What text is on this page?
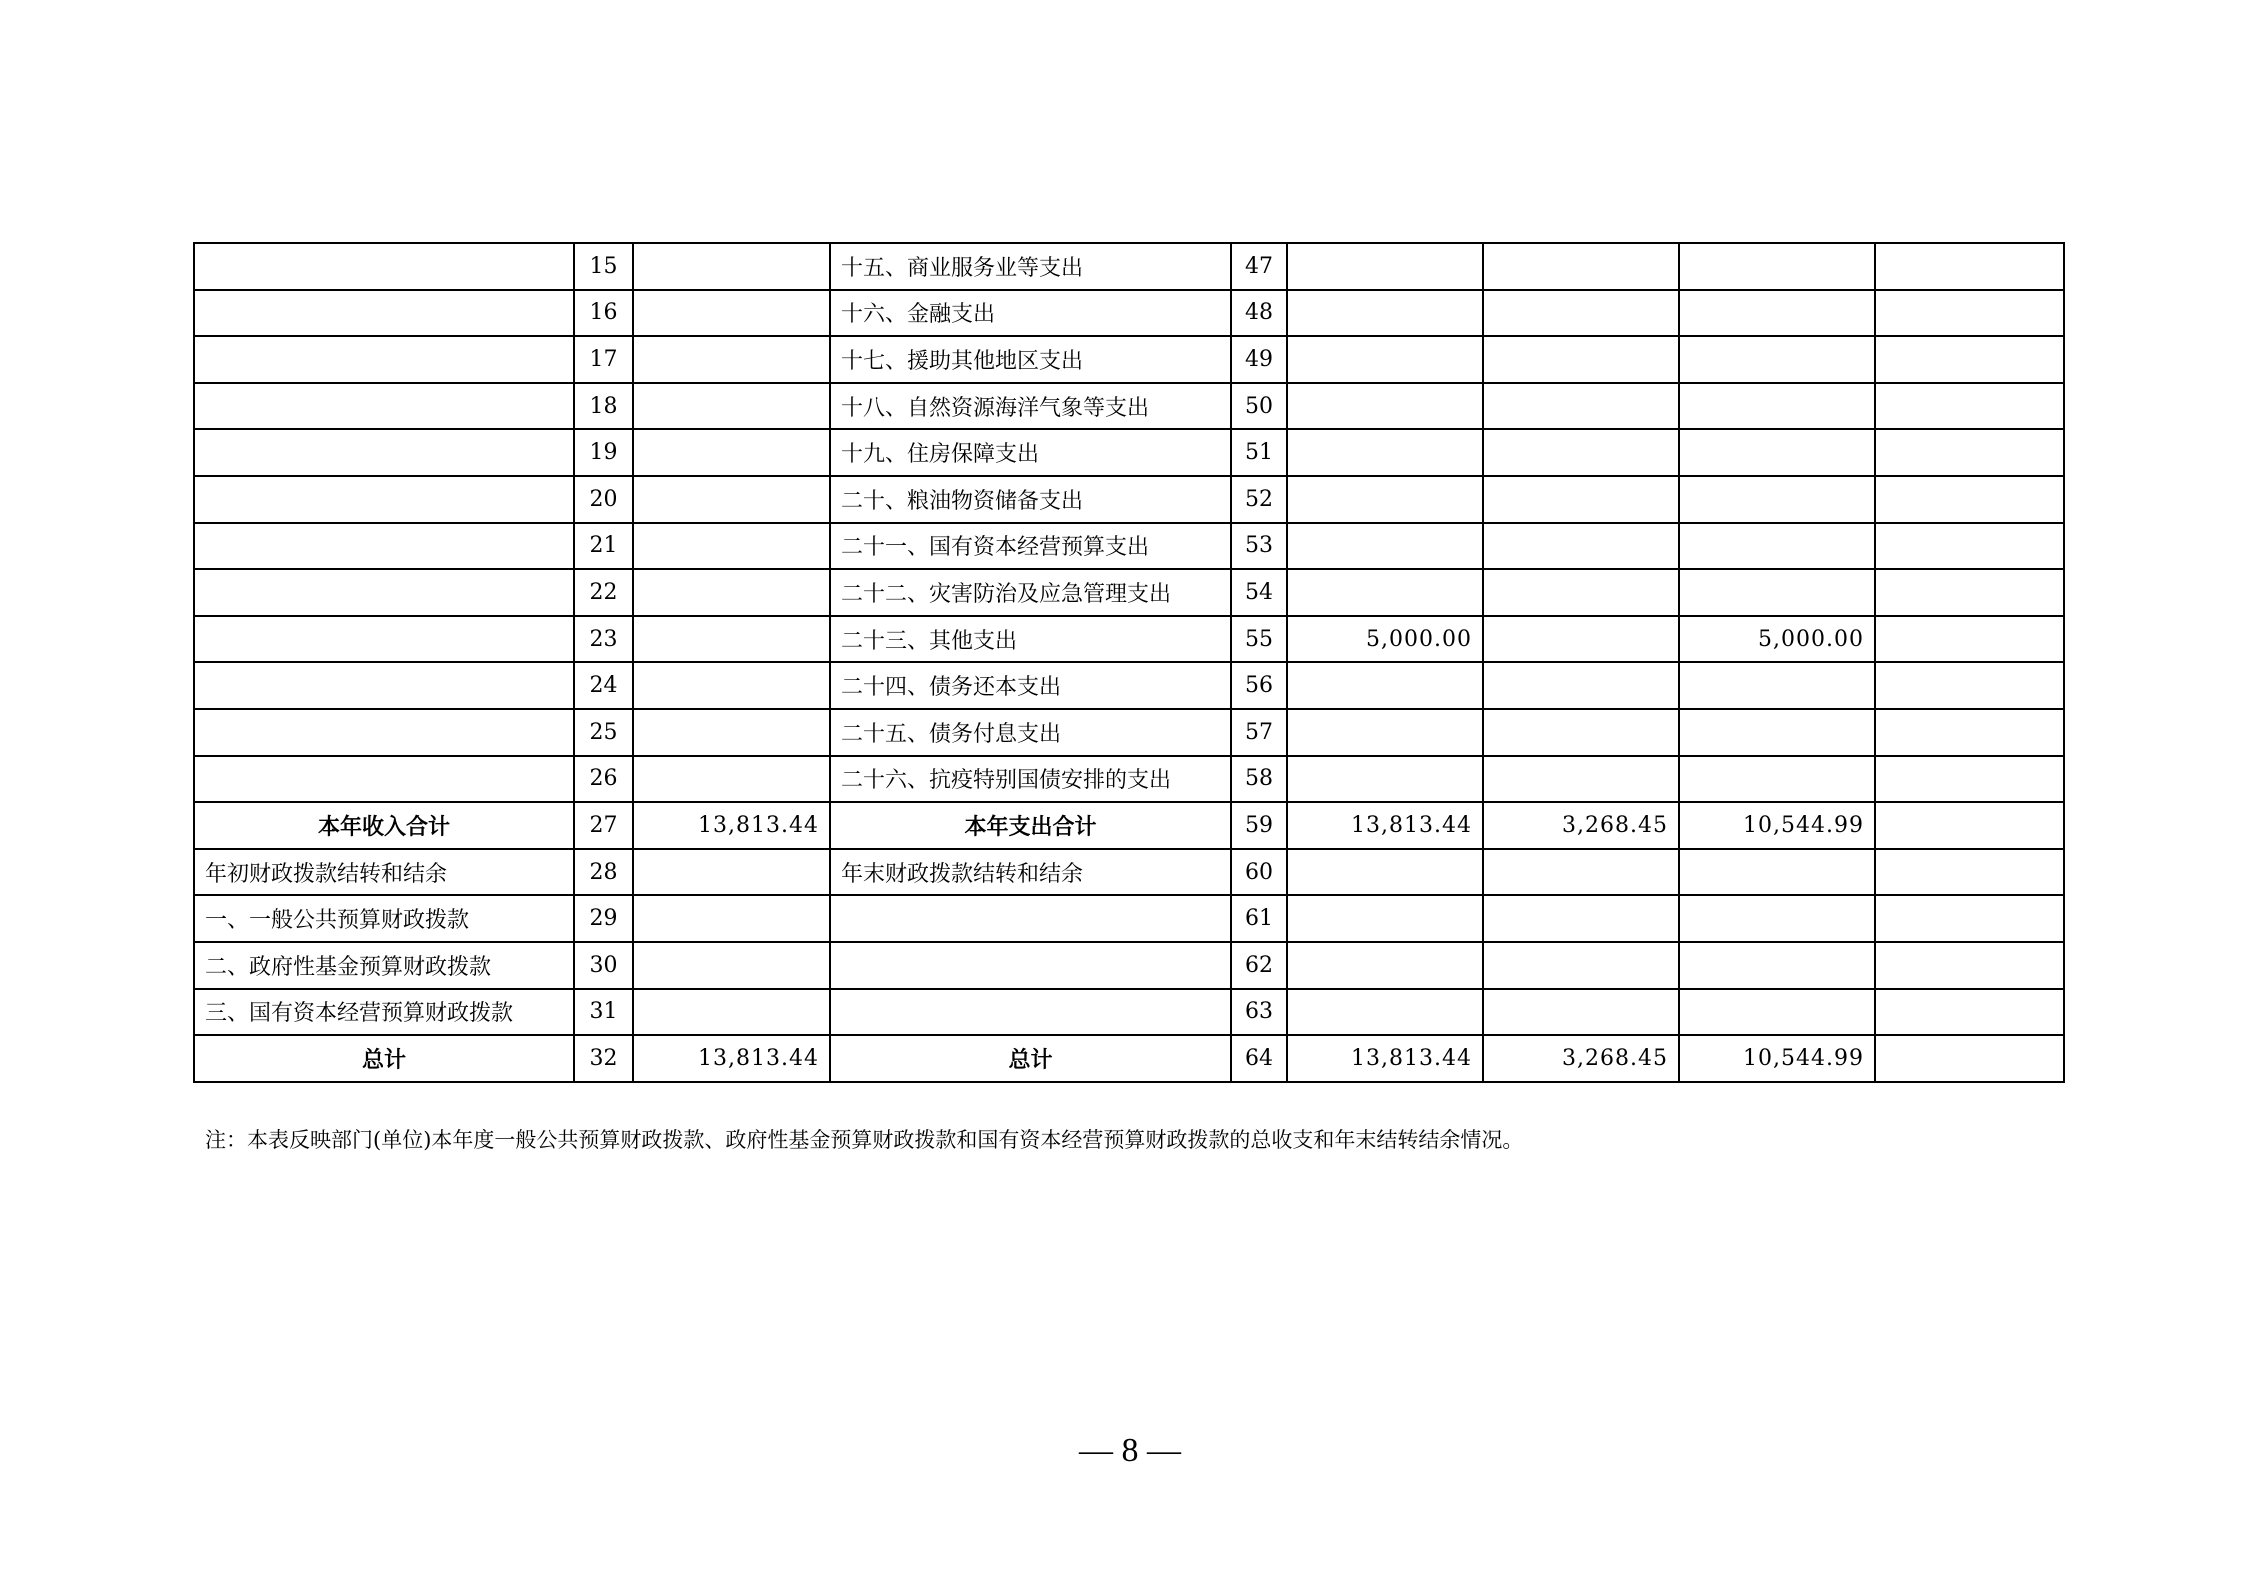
	15		十五、商业服务业等支出	47				
	16		十六、金融支出	48				
	17		十七、援助其他地区支出	49				
	18		十八、自然资源海洋气象等支出	50				
	19		十九、住房保障支出	51				
	20		二十、粮油物资储备支出	52				
	21		二十一、国有资本经营预算支出	53				
	22		二十二、灾害防治及应急管理支出	54				
	23		二十三、其他支出	55	5,000.00		5,000.00	
	24		二十四、债务还本支出	56				
	25		二十五、债务付息支出	57				
	26		二十六、抗疫特别国债安排的支出	58				
本年收入合计	27	13,813.44	本年支出合计	59	13,813.44	3,268.45	10,544.99	
年初财政拨款结转和结余	28		年末财政拨款结转和结余	60				
一、一般公共预算财政拨款	29			61				
二、政府性基金预算财政拨款	30			62				
三、国有资本经营预算财政拨款	31			63				
总计	32	13,813.44	总计	64	13,813.44	3,268.45	10,544.99	
注：本表反映部门(单位)本年度一般公共预算财政拨款、政府性基金预算财政拨款和国有资本经营预算财政拨款的总收支和年末结转结余情况。
— 8 —
